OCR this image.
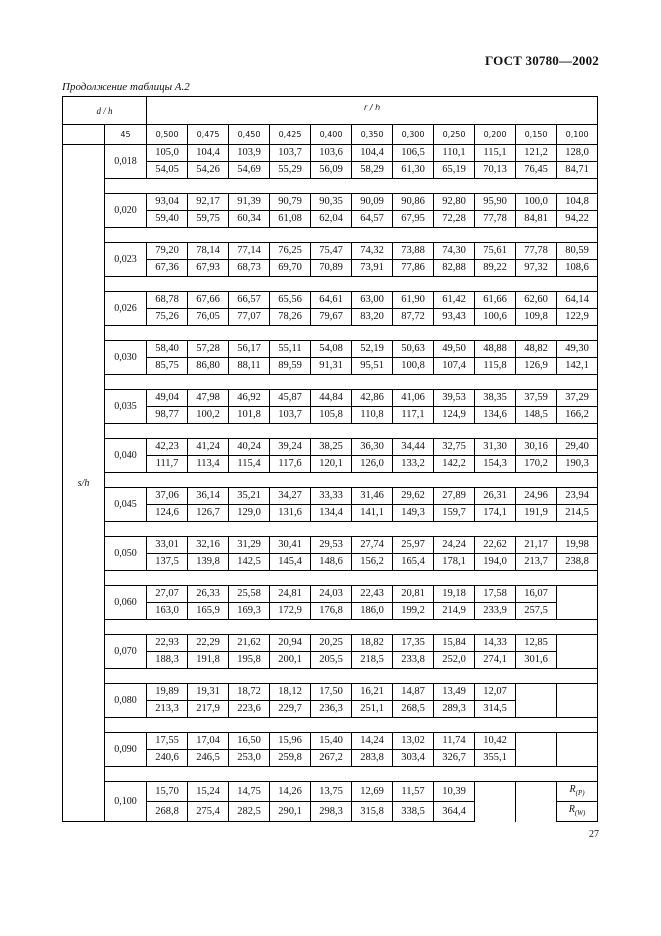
ГОСТ 30780—2002
Продолжение таблицы А.2
d / h		r / h										
	45	0,500	0,475	0,450	0,425	0,400	0,350	0,300	0,250	0,200	0,150	0,100
s/h	0,018	105,0	104,4	103,9	103,7	103,6	104,4	106,5	110,1	115,1	121,2	128,0
		54,05	54,26	54,69	55,29	56,09	58,29	61,30	65,19	70,13	76,45	84,71

	0,020	93,04	92,17	91,39	90,79	90,35	90,09	90,86	92,80	95,90	100,0	104,8
		59,40	59,75	60,34	61,08	62,04	64,57	67,95	72,28	77,78	84,81	94,22

	0,023	79,20	78,14	77,14	76,25	75,47	74,32	73,88	74,30	75,61	77,78	80,59
		67,36	67,93	68,73	69,70	70,89	73,91	77,86	82,88	89,22	97,32	108,6

	0,026	68,78	67,66	66,57	65,56	64,61	63,00	61,90	61,42	61,66	62,60	64,14
		75,26	76,05	77,07	78,26	79,67	83,20	87,72	93,43	100,6	109,8	122,9

	0,030	58,40	57,28	56,17	55,11	54,08	52,19	50,63	49,50	48,88	48,82	49,30
		85,75	86,80	88,11	89,59	91,31	95,51	100,8	107,4	115,8	126,9	142,1

	0,035	49,04	47,98	46,92	45,87	44,84	42,86	41,06	39,53	38,35	37,59	37,29
		98,77	100,2	101,8	103,7	105,8	110,8	117,1	124,9	134,6	148,5	166,2

	0,040	42,23	41,24	40,24	39,24	38,25	36,30	34,44	32,75	31,30	30,16	29,40
		111,7	113,4	115,4	117,6	120,1	126,0	133,2	142,2	154,3	170,2	190,3

	0,045	37,06	36,14	35,21	34,27	33,33	31,46	29,62	27,89	26,31	24,96	23,94
		124,6	126,7	129,0	131,6	134,4	141,1	149,3	159,7	174,1	191,9	214,5

	0,050	33,01	32,16	31,29	30,41	29,53	27,74	25,97	24,24	22,62	21,17	19,98
		137,5	139,8	142,5	145,4	148,6	156,2	165,4	178,1	194,0	213,7	238,8

	0,060	27,07	26,33	25,58	24,81	24,03	22,43	20,81	19,18	17,58	16,07	
		163,0	165,9	169,3	172,9	176,8	186,0	199,2	214,9	233,9	257,5	

	0,070	22,93	22,29	21,62	20,94	20,25	18,82	17,35	15,84	14,33	12,85	
		188,3	191,8	195,8	200,1	205,5	218,5	233,8	252,0	274,1	301,6	

	0,080	19,89	19,31	18,72	18,12	17,50	16,21	14,87	13,49	12,07		
		213,3	217,9	223,6	229,7	236,3	251,1	268,5	289,3	314,5		

	0,090	17,55	17,04	16,50	15,96	15,40	14,24	13,02	11,74	10,42		
		240,6	246,5	253,0	259,8	267,2	283,8	303,4	326,7	355,1		

	0,100	15,70	15,24	14,75	14,26	13,75	12,69	11,57	10,39			$R_{(P)}$
		268,8	275,4	282,5	290,1	298,3	315,8	338,5	364,4			$R_{(W)}$
27
